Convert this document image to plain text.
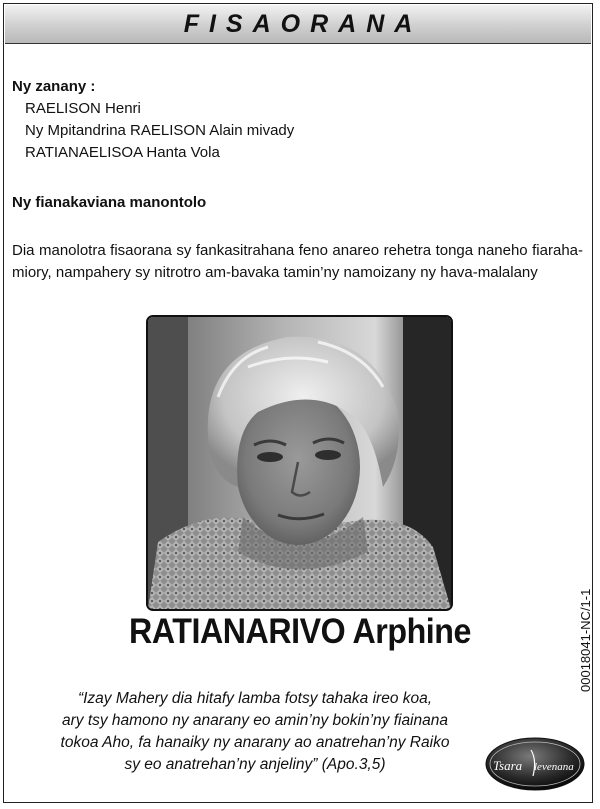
FISAORANA
Ny zanany :
RAELISON Henri
Ny Mpitandrina RAELISON Alain mivady
RATIANAELISOA Hanta Vola
Ny fianakaviana manontolo
Dia manolotra fisaorana sy fankasitrahana feno anareo rehetra tonga naneho fiaraha-miory, nampahery sy nitrotro am-bavaka tamin’ny namoizany ny hava-malalany
RATIANARIVO Arphine
“Izay Mahery dia hitafy lamba fotsy tahaka ireo koa,
ary tsy hamono ny anarany eo amin’ny bokin’ny fiainana
tokoa Aho, fa hanaiky ny anarany ao anatrehan’ny Raiko
sy eo anatrehan’ny anjeliny” (Apo.3,5)
00018041-NC/1-1
Tsara levenana
